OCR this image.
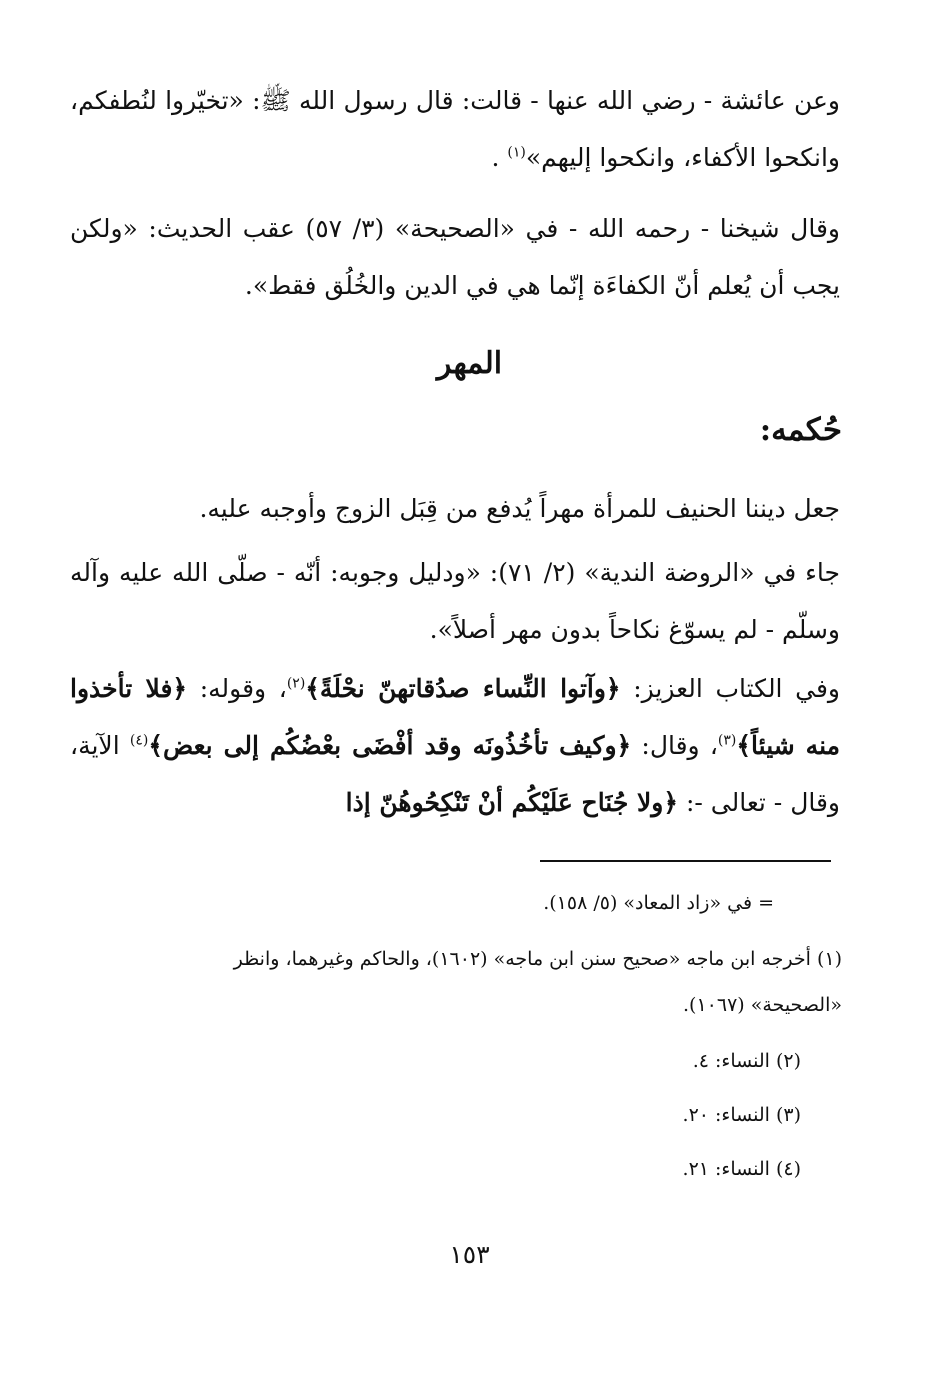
وعن عائشة - رضي الله عنها - قالت: قال رسول الله ﷺ: «تخيّروا لنُطفكم، وانكحوا الأكفاء، وانكحوا إليهم»$^{(١)}$ .
وقال شيخنا - رحمه الله - في «الصحيحة» (٣/ ٥٧) عقب الحديث: «ولكن يجب أن يُعلم أنّ الكفاءَة إنّما هي في الدين والخُلُق فقط».
المهر
حُكمه:
جعل ديننا الحنيف للمرأة مهراً يُدفع من قِبَل الزوج وأوجبه عليه.
جاء في «الروضة الندية» (٢/ ٧١): «ودليل وجوبه: أنّه - صلّى الله عليه وآله وسلّم - لم يسوّغ نكاحاً بدون مهر أصلاً».
وفي الكتاب العزيز: ﴿وآتوا النِّساء صدُقاتهنّ نحْلَةً﴾$^{(٢)}$، وقوله: ﴿فلا تأخذوا منه شيئاً﴾$^{(٣)}$، وقال: ﴿وكيف تأخُذُونَه وقد أفْضَى بعْضُكُم إلى بعض﴾$^{(٤)}$ الآية، وقال - تعالى -: ﴿ولا جُنَاح عَلَيْكُم أنْ تَنْكِحُوهُنّ إذا
= في «زاد المعاد» (٥/ ١٥٨).
(١) أخرجه ابن ماجه «صحيح سنن ابن ماجه» (١٦٠٢)، والحاكم وغيرهما، وانظر
«الصحيحة» (١٠٦٧).
(٢) النساء: ٤.
(٣) النساء: ٢٠.
(٤) النساء: ٢١.
١٥٣
